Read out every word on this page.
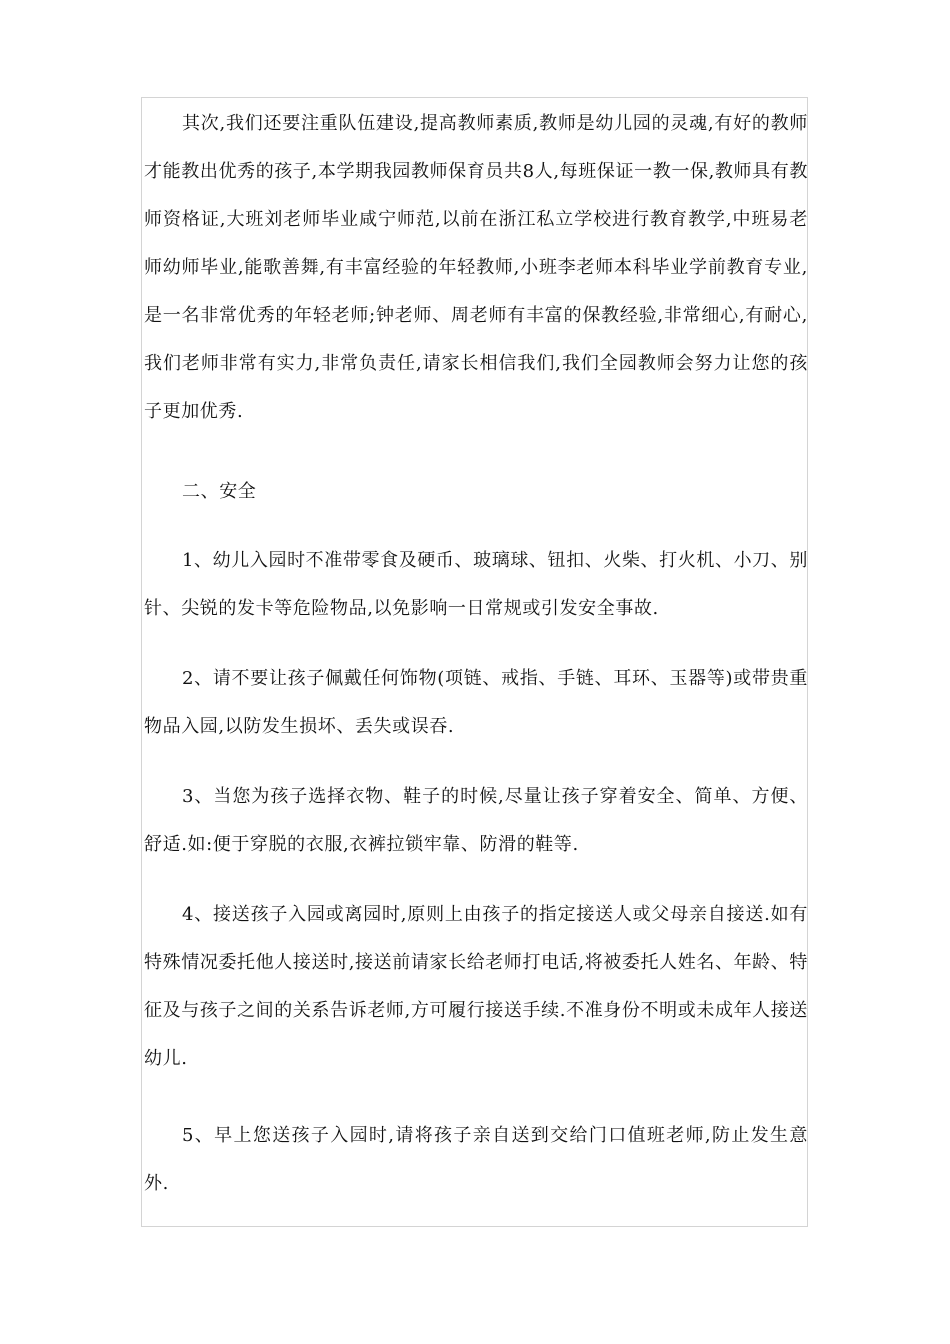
其次,我们还要注重队伍建设,提高教师素质,教师是幼儿园的灵魂,有好的教师才能教出优秀的孩子,本学期我园教师保育员共8人,每班保证一教一保,教师具有教师资格证,大班刘老师毕业咸宁师范,以前在浙江私立学校进行教育教学,中班易老师幼师毕业,能歌善舞,有丰富经验的年轻教师,小班李老师本科毕业学前教育专业,是一名非常优秀的年轻老师;钟老师、周老师有丰富的保教经验,非常细心,有耐心,我们老师非常有实力,非常负责任,请家长相信我们,我们全园教师会努力让您的孩子更加优秀.

二、安全

1、幼儿入园时不准带零食及硬币、玻璃球、钮扣、火柴、打火机、小刀、别针、尖锐的发卡等危险物品,以免影响一日常规或引发安全事故.

2、请不要让孩子佩戴任何饰物(项链、戒指、手链、耳环、玉器等)或带贵重物品入园,以防发生损坏、丢失或误吞.

3、当您为孩子选择衣物、鞋子的时候,尽量让孩子穿着安全、简单、方便、舒适.如:便于穿脱的衣服,衣裤拉锁牢靠、防滑的鞋等.

4、接送孩子入园或离园时,原则上由孩子的指定接送人或父母亲自接送.如有特殊情况委托他人接送时,接送前请家长给老师打电话,将被委托人姓名、年龄、特征及与孩子之间的关系告诉老师,方可履行接送手续.不准身份不明或未成年人接送幼儿.

5、早上您送孩子入园时,请将孩子亲自送到交给门口值班老师,防止发生意外.
